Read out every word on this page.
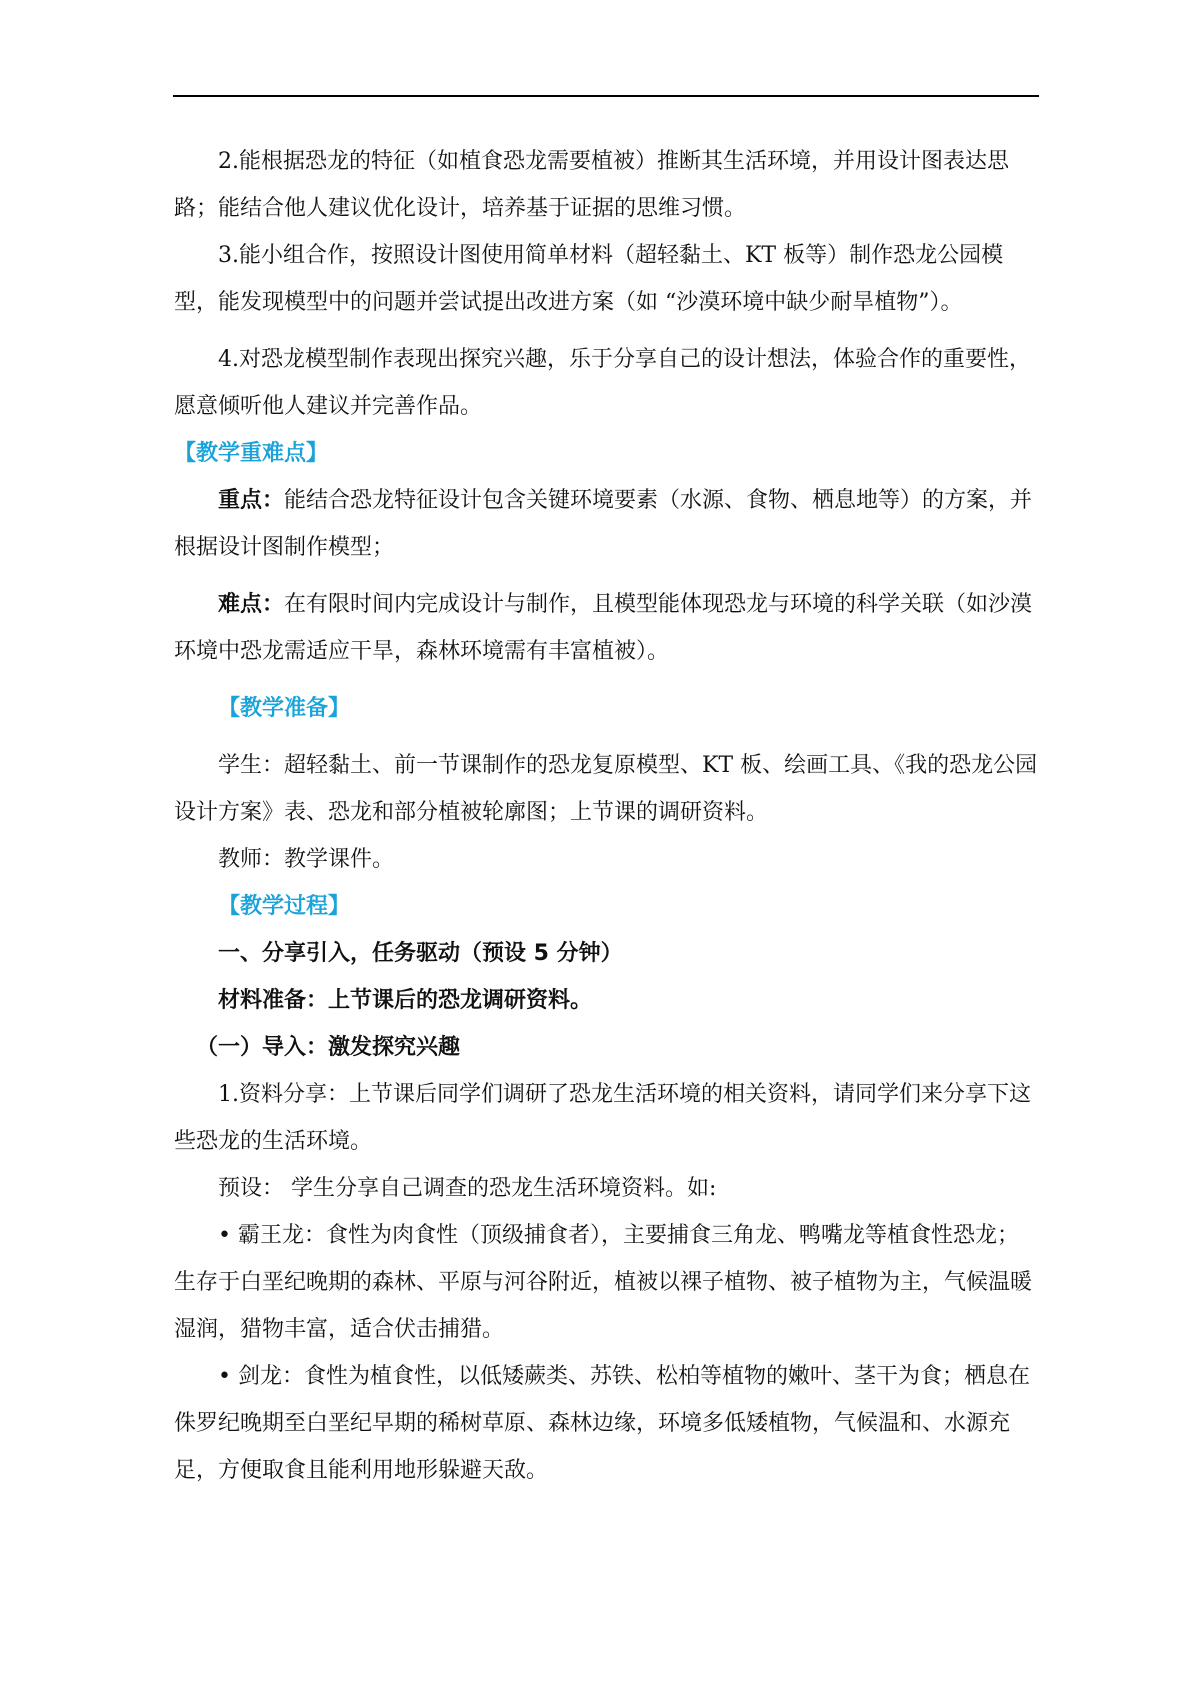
2.能根据恐龙的特征（如植食恐龙需要植被）推断其生活环境，并用设计图表达思路；能结合他人建议优化设计，培养基于证据的思维习惯。

3.能小组合作，按照设计图使用简单材料（超轻黏土、KT 板等）制作恐龙公园模型，能发现模型中的问题并尝试提出改进方案（如 “沙漠环境中缺少耐旱植物”）。

4.对恐龙模型制作表现出探究兴趣，乐于分享自己的设计想法，体验合作的重要性，愿意倾听他人建议并完善作品。

【教学重难点】

重点：能结合恐龙特征设计包含关键环境要素（水源、食物、栖息地等）的方案，并根据设计图制作模型；

难点：在有限时间内完成设计与制作，且模型能体现恐龙与环境的科学关联（如沙漠环境中恐龙需适应干旱，森林环境需有丰富植被）。

【教学准备】

学生：超轻黏土、前一节课制作的恐龙复原模型、KT 板、绘画工具、《我的恐龙公园设计方案》表、恐龙和部分植被轮廓图；上节课的调研资料。

教师：教学课件。

【教学过程】

一、分享引入，任务驱动（预设 5 分钟）

材料准备：上节课后的恐龙调研资料。

（一）导入：激发探究兴趣

1.资料分享：上节课后同学们调研了恐龙生活环境的相关资料，请同学们来分享下这些恐龙的生活环境。

预设： 学生分享自己调查的恐龙生活环境资料。如:

• 霸王龙：食性为肉食性（顶级捕食者），主要捕食三角龙、鸭嘴龙等植食性恐龙；生存于白垩纪晚期的森林、平原与河谷附近，植被以裸子植物、被子植物为主，气候温暖湿润，猎物丰富，适合伏击捕猎。

• 剑龙：食性为植食性，以低矮蕨类、苏铁、松柏等植物的嫩叶、茎干为食；栖息在侏罗纪晚期至白垩纪早期的稀树草原、森林边缘，环境多低矮植物，气候温和、水源充足，方便取食且能利用地形躲避天敌。
